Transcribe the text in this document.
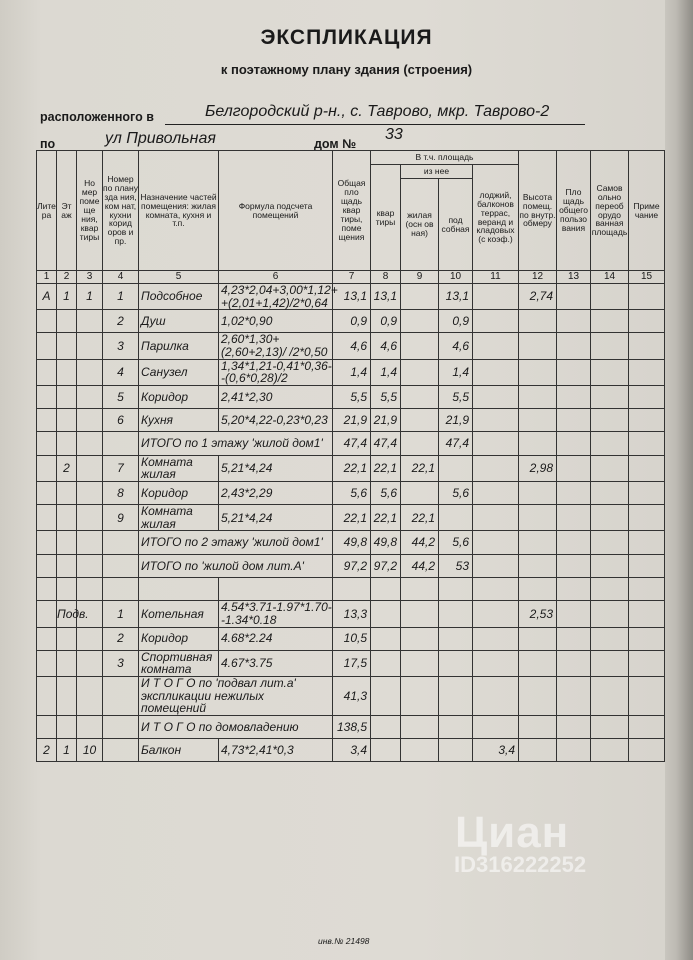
ЭКСПЛИКАЦИЯ
к поэтажному плану здания (строения)
расположенного в	Белгородский р-н., с. Таврово, мкр. Таврово-2
по	ул Привольная	дом №
33
Лите ра	Эт аж	Но мер поме ще ния, квар тиры	Номер по плану зда ния, ком нат, кухни корид оров и пр.	Назначение частей помещения: жилая комната, кухня и т.п.	Формула подсчета помещений	Общая пло щадь квар тиры, поме щения	В т.ч. площадь				Высота помещ. по внутр. обмеру	Пло щадь общего пользо вания	Самов ольно переоб орудо ванная площадь	Приме чание
							квар тиры	из нее		лоджий, балконов террас, веранд и кладовых (с коэф.)				
								жилая (осн ов ная)	под собная					
1	2	3	4	5	6	7	8	9	10	11	12	13	14	15
А	1	1	1	Подсобное	4,23*2,04+3,00*1,12+ +(2,01+1,42)/2*0,64	13,1	13,1		13,1		2,74			
			2	Душ	1,02*0,90	0,9	0,9		0,9					
			3	Парилка	2,60*1,30+(2,60+2,13)/ /2*0,50	4,6	4,6		4,6					
			4	Санузел	1,34*1,21-0,41*0,36- -(0,6*0,28)/2	1,4	1,4		1,4					
			5	Коридор	2,41*2,30	5,5	5,5		5,5					
			6	Кухня	5,20*4,22-0,23*0,23	21,9	21,9		21,9					
				ИТОГО по 1 этажу 'жилой дом1'		47,4	47,4		47,4					
	2		7	Комната жилая	5,21*4,24	22,1	22,1	22,1			2,98			
			8	Коридор	2,43*2,29	5,6	5,6		5,6					
			9	Комната жилая	5,21*4,24	22,1	22,1	22,1						
				ИТОГО по 2 этажу 'жилой дом1'		49,8	49,8	44,2	5,6					
				ИТОГО по 'жилой дом лит.А'		97,2	97,2	44,2	53					

	Подв.		1	Котельная	4.54*3.71-1.97*1.70- -1.34*0.18	13,3					2,53			
			2	Коридор	4.68*2.24	10,5								
			3	Спортивная комната	4.67*3.75	17,5								
				И Т О Г О по 'подвал лит.а' экспликации нежилых помещений		41,3								
				И Т О Г О по домовладению		138,5								
2	1	10		Балкон	4,73*2,41*0,3	3,4				3,4				
инв.№ 21498
Циан
ID316222252
